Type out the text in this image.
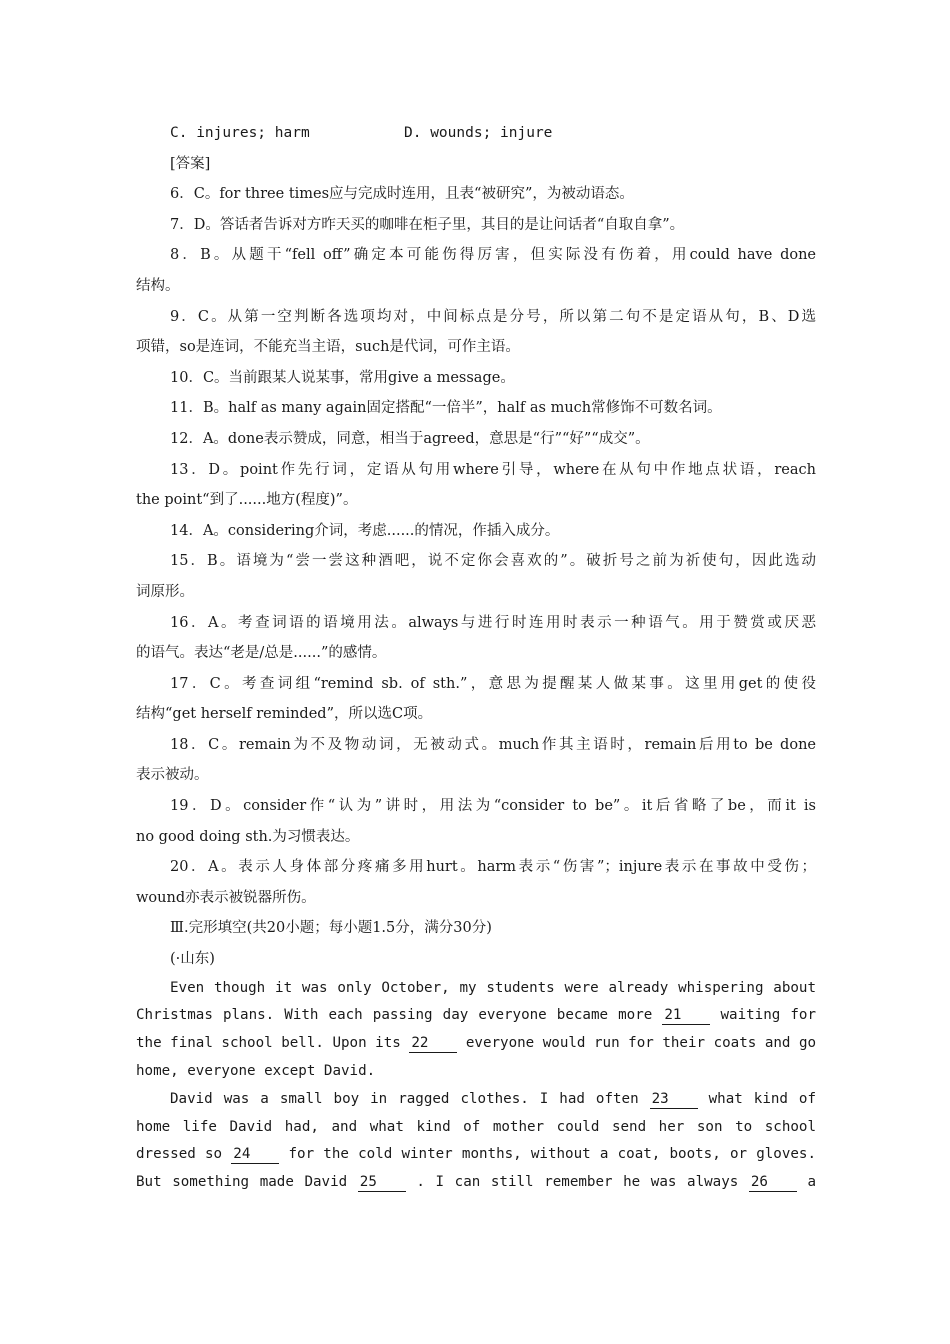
C. injures; harm	D. wounds; injure
[答案]
6．C。for three times应与完成时连用，且表“被研究”，为被动语态。
7．D。答话者告诉对方昨天买的咖啡在柜子里，其目的是让问话者“自取自拿”。
8．B。从题干“fell off”确定本可能伤得厉害，但实际没有伤着，用could have done
结构。
9．C。从第一空判断各选项均对，中间标点是分号，所以第二句不是定语从句，B、D选
项错，so是连词，不能充当主语，such是代词，可作主语。
10．C。当前跟某人说某事，常用give a message。
11．B。half as many again固定搭配“一倍半”，half as much常修饰不可数名词。
12．A。done表示赞成，同意，相当于agreed，意思是“行”“好”“成交”。
13．D。point作先行词，定语从句用where引导，where在从句中作地点状语，reach
the point“到了......地方(程度)”。
14．A。considering介词，考虑......的情况，作插入成分。
15．B。语境为“尝一尝这种酒吧，说不定你会喜欢的”。破折号之前为祈使句，因此选动
词原形。
16．A。考查词语的语境用法。always与进行时连用时表示一种语气。用于赞赏或厌恶
的语气。表达“老是/总是......”的感情。
17．C。考查词组“remind sb. of sth.”，意思为提醒某人做某事。这里用get的使役
结构“get herself reminded”，所以选C项。
18．C。remain为不及物动词，无被动式。much作其主语时，remain后用to be done
表示被动。
19．D。consider作“认为”讲时，用法为“consider to be”。it后省略了be，而it is
no good doing sth.为习惯表达。
20．A。表示人身体部分疼痛多用hurt。harm表示“伤害”；injure表示在事故中受伤；
wound亦表示被锐器所伤。
Ⅲ.完形填空(共20小题；每小题1.5分，满分30分)
(·山东)
Even though it was only October, my students were already whispering about
Christmas plans. With each passing day everyone became more 21	waiting for
the final school bell. Upon its 22	everyone would run for their coats and go
home, everyone except David.
David was a small boy in ragged clothes. I had often 23	what kind of
home life David had, and what kind of mother could send her son to school
dressed so 24	for the cold winter months, without a coat, boots, or gloves.
But something made David 25	. I can still remember he was always 26	a
